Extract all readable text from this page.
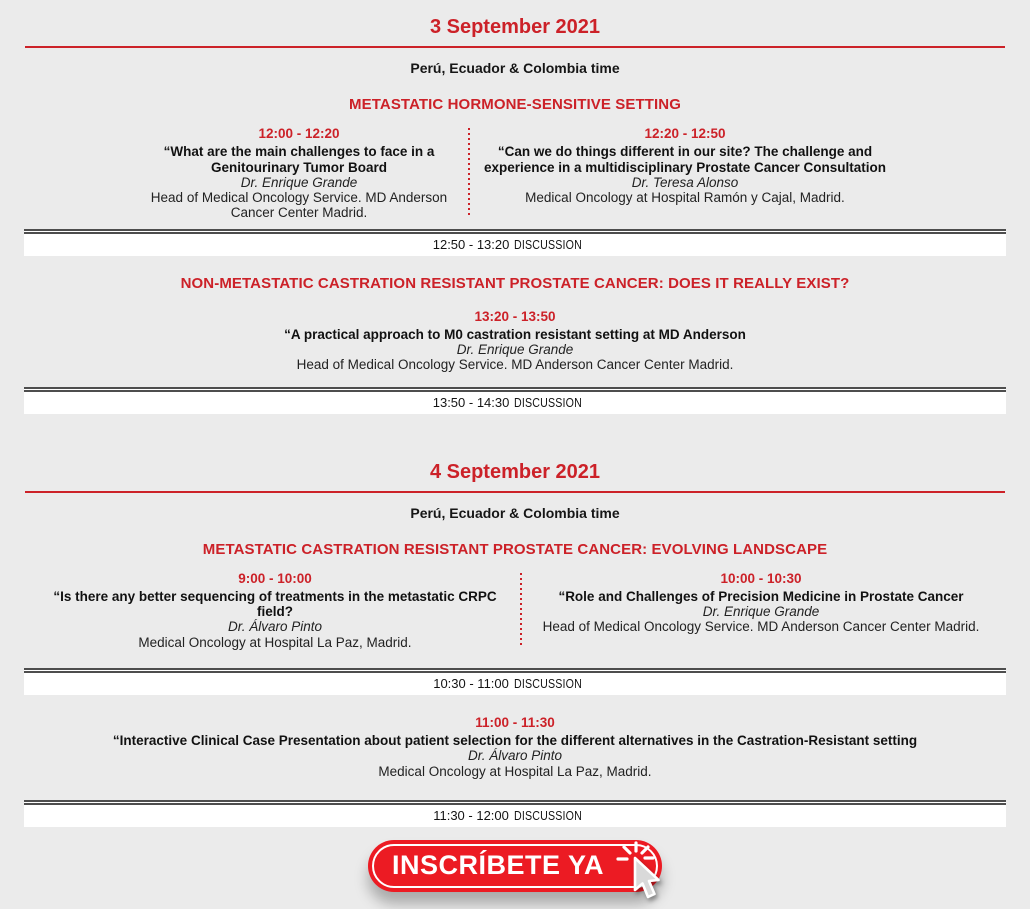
3 September 2021
Perú, Ecuador & Colombia time
METASTATIC HORMONE-SENSITIVE SETTING
12:00 - 12:20
“What are the main challenges to face in a Genitourinary Tumor Board
Dr. Enrique Grande
Head of Medical Oncology Service. MD Anderson Cancer Center Madrid.
12:20 - 12:50
“Can we do things different in our site? The challenge and experience in a multidisciplinary Prostate Cancer Consultation
Dr. Teresa Alonso
Medical Oncology at Hospital Ramón y Cajal, Madrid.
12:50 - 13:20 DISCUSSION
NON-METASTATIC CASTRATION RESISTANT PROSTATE CANCER: DOES IT REALLY EXIST?
13:20 - 13:50
“A practical approach to M0 castration resistant setting at MD Anderson
Dr. Enrique Grande
Head of Medical Oncology Service. MD Anderson Cancer Center Madrid.
13:50 - 14:30 DISCUSSION
4 September 2021
Perú, Ecuador & Colombia time
METASTATIC CASTRATION RESISTANT PROSTATE CANCER: EVOLVING LANDSCAPE
9:00 - 10:00
“Is there any better sequencing of treatments in the metastatic CRPC field?
Dr. Álvaro Pinto
Medical Oncology at Hospital La Paz, Madrid.
10:00 - 10:30
“Role and Challenges of Precision Medicine in Prostate Cancer
Dr. Enrique Grande
Head of Medical Oncology Service. MD Anderson Cancer Center Madrid.
10:30 - 11:00 DISCUSSION
11:00 - 11:30
“Interactive Clinical Case Presentation about patient selection for the different alternatives in the Castration-Resistant setting
Dr. Álvaro Pinto
Medical Oncology at Hospital La Paz, Madrid.
11:30 - 12:00 DISCUSSION
INSCRÍBETE YA
